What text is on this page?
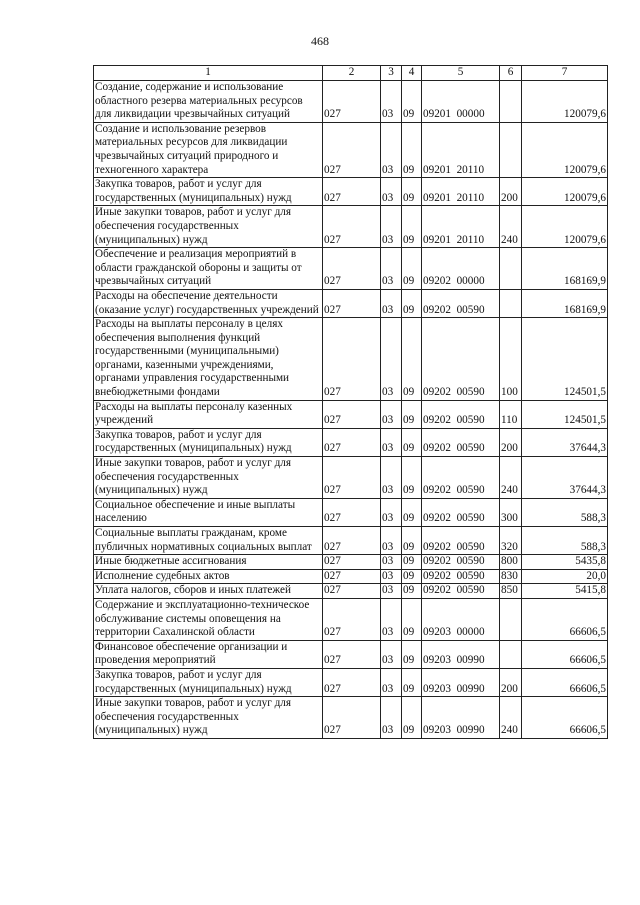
468
1	2	3	4	5	6	7
Создание, содержание и использование областного резерва материальных ресурсов для ликвидации чрезвычайных ситуаций	027	03	09	09201  00000		120079,6
Создание и использование резервов материальных ресурсов для ликвидации чрезвычайных ситуаций природного и техногенного характера	027	03	09	09201  20110		120079,6
Закупка товаров, работ и услуг для государственных (муниципальных) нужд	027	03	09	09201  20110	200	120079,6
Иные закупки товаров, работ и услуг для обеспечения государственных (муниципальных) нужд	027	03	09	09201  20110	240	120079,6
Обеспечение и реализация мероприятий в области гражданской обороны и защиты от чрезвычайных ситуаций	027	03	09	09202  00000		168169,9
Расходы на обеспечение деятельности (оказание услуг) государственных учреждений	027	03	09	09202  00590		168169,9
Расходы на выплаты персоналу в целях обеспечения выполнения функций государственными (муниципальными) органами, казенными учреждениями, органами управления государственными внебюджетными фондами	027	03	09	09202  00590	100	124501,5
Расходы на выплаты персоналу казенных учреждений	027	03	09	09202  00590	110	124501,5
Закупка товаров, работ и услуг для государственных (муниципальных) нужд	027	03	09	09202  00590	200	37644,3
Иные закупки товаров, работ и услуг для обеспечения государственных (муниципальных) нужд	027	03	09	09202  00590	240	37644,3
Социальное обеспечение и иные выплаты населению	027	03	09	09202  00590	300	588,3
Социальные выплаты гражданам, кроме публичных нормативных социальных выплат	027	03	09	09202  00590	320	588,3
Иные бюджетные ассигнования	027	03	09	09202  00590	800	5435,8
Исполнение судебных актов	027	03	09	09202  00590	830	20,0
Уплата налогов, сборов и иных платежей	027	03	09	09202  00590	850	5415,8
Содержание и эксплуатационно-техническое обслуживание системы оповещения на территории Сахалинской области	027	03	09	09203  00000		66606,5
Финансовое обеспечение организации и проведения мероприятий	027	03	09	09203  00990		66606,5
Закупка товаров, работ и услуг для государственных (муниципальных) нужд	027	03	09	09203  00990	200	66606,5
Иные закупки товаров, работ и услуг для обеспечения государственных (муниципальных) нужд	027	03	09	09203  00990	240	66606,5
